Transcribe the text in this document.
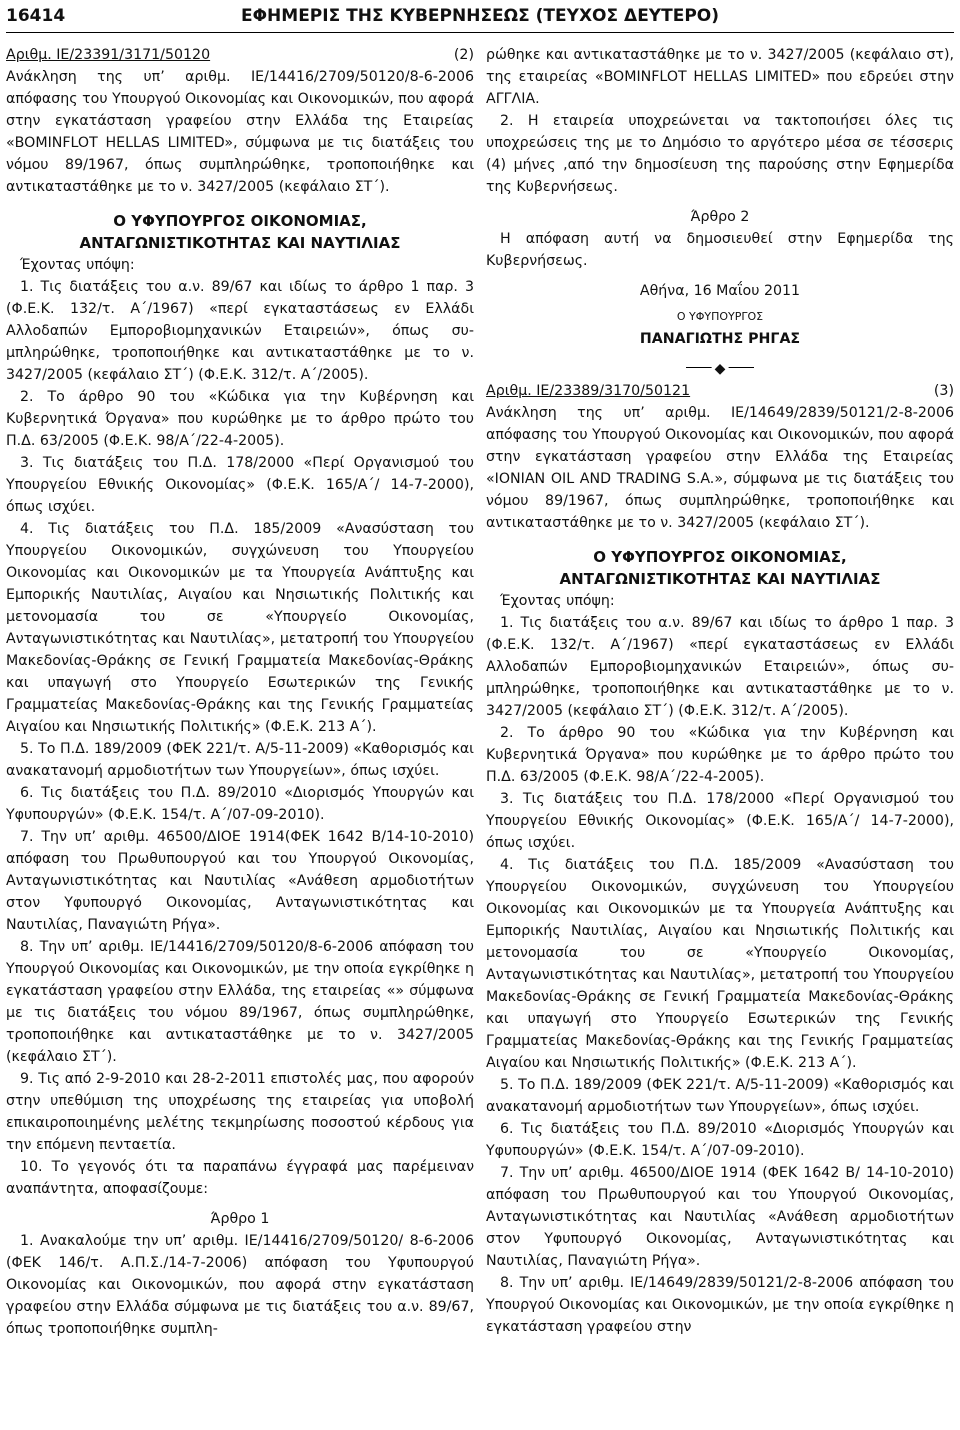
16414	ΕΦΗΜΕΡΙΣ ΤΗΣ ΚΥΒΕΡΝΗΣΕΩΣ (ΤΕΥΧΟΣ ΔΕΥΤΕΡΟ)
Αριθμ. ΙΕ/23391/3171/50120	(2)

Ανάκληση της υπ’ αριθμ. ΙΕ/14416/2709/50120/8-6-2006 απόφασης του Υπουργού Οικονομίας και Οικονομικών, που αφορά στην εγκατάσταση γραφείου στην Ελλάδα της Εταιρείας «BOMINFLOT HELLAS LIMITED», σύμφωνα με τις διατάξεις του νόμου 89/1967, όπως συμπληρώθηκε, τροποποιήθηκε και αντικαταστάθηκε με το ν. 3427/2005 (κεφάλαιο ΣΤ΄).

Ο ΥΦΥΠΟΥΡΓΟΣ ΟΙΚΟΝΟΜΙΑΣ,

ΑΝΤΑΓΩΝΙΣΤΙΚΟΤΗΤΑΣ ΚΑΙ ΝΑΥΤΙΛΙΑΣ

Έχοντας υπόψη:

1. Τις διατάξεις του α.ν. 89/67 και ιδίως το άρθρο 1 παρ. 3 (Φ.Ε.Κ. 132/τ. Α΄/1967) «περί εγκαταστάσεως εν Ελλάδι Αλλοδαπών Εμποροβιομηχανικών Εταιρειών», όπως συμπληρώθηκε, τροποποιήθηκε και αντικαταστάθηκε με το ν. 3427/2005 (κεφάλαιο ΣΤ΄) (Φ.Ε.Κ. 312/τ. Α΄/2005).

2. Το άρθρο 90 του «Κώδικα για την Κυβέρνηση και Κυβερνητικά Όργανα» που κυρώθηκε με το άρθρο πρώτο του Π.Δ. 63/2005 (Φ.Ε.Κ. 98/Α΄/22-4-2005).

3. Τις διατάξεις του Π.Δ. 178/2000 «Περί Οργανισμού του Υπουργείου Εθνικής Οικονομίας» (Φ.Ε.Κ. 165/Α΄/ 14-7-2000), όπως ισχύει.

4. Τις διατάξεις του Π.Δ. 185/2009 «Ανασύσταση του Υπουργείου Οικονομικών, συγχώνευση του Υπουργείου Οικονομίας και Οικονομικών με τα Υπουργεία Ανάπτυξης και Εμπορικής Ναυτιλίας, Αιγαίου και Νησιωτικής Πολιτικής και μετονομασία του σε «Υπουργείο Οικονομίας, Ανταγωνιστικότητας και Ναυτιλίας», μετατροπή του Υπουργείου Μακεδονίας-Θράκης σε Γενική Γραμματεία Μακεδονίας-Θράκης και υπαγωγή στο Υπουργείο Εσωτερικών της Γενικής Γραμματείας Μακεδονίας-Θράκης και της Γενικής Γραμματείας Αιγαίου και Νησιωτικής Πολιτικής» (Φ.Ε.Κ. 213 Α΄).

5. Το Π.Δ. 189/2009 (ΦΕΚ 221/τ. Α/5-11-2009) «Καθορισμός και ανακατανομή αρμοδιοτήτων των Υπουργείων», όπως ισχύει.

6. Τις διατάξεις του Π.Δ. 89/2010 «Διορισμός Υπουργών και Υφυπουργών» (Φ.Ε.Κ. 154/τ. Α΄/07-09-2010).

7. Την υπ’ αριθμ. 46500/ΔΙΟΕ 1914(ΦΕΚ 1642 Β/14-10-2010) απόφαση του Πρωθυπουργού και του Υπουργού Οικονομίας, Ανταγωνιστικότητας και Ναυτιλίας «Ανάθεση αρμοδιοτήτων στον Υφυπουργό Οικονομίας, Ανταγωνιστικότητας και Ναυτιλίας, Παναγιώτη Ρήγα».

8. Την υπ’ αριθμ. ΙΕ/14416/2709/50120/8-6-2006 απόφαση του Υπουργού Οικονομίας και Οικονομικών, με την οποία εγκρίθηκε η εγκατάσταση γραφείου στην Ελλάδα, της εταιρείας «» σύμφωνα με τις διατάξεις του νόμου 89/1967, όπως συμπληρώθηκε, τροποποιήθηκε και αντικαταστάθηκε με το ν. 3427/2005 (κεφάλαιο ΣΤ΄).

9. Τις από 2-9-2010 και 28-2-2011 επιστολές μας, που αφορούν στην υπεθύμιση της υποχρέωσης της εταιρείας για υποβολή επικαιροποιημένης μελέτης τεκμηρίωσης ποσοστού κέρδους για την επόμενη πενταετία.

10. Το γεγονός ότι τα παραπάνω έγγραφά μας παρέμειναν αναπάντητα, αποφασίζουμε:

Άρθρο 1

1. Ανακαλούμε την υπ’ αριθμ. ΙΕ/14416/2709/50120/ 8-6-2006 (ΦΕΚ 146/τ. Α.Π.Σ./14-7-2006) απόφαση του Υφυπουργού Οικονομίας και Οικονομικών, που αφορά στην εγκατάσταση γραφείου στην Ελλάδα σύμφωνα με τις διατάξεις του α.ν. 89/67, όπως τροποποιήθηκε συμπλη-

ρώθηκε και αντικαταστάθηκε με το ν. 3427/2005 (κεφάλαιο στ), της εταιρείας «BOMINFLOT HELLAS LIMITED» που εδρεύει στην ΑΓΓΛΙΑ.

2. Η εταιρεία υποχρεώνεται να τακτοποιήσει όλες τις υποχρεώσεις της με το Δημόσιο το αργότερο μέσα σε τέσσερις (4) μήνες ,από την δημοσίευση της παρούσης στην Εφημερίδα της Κυβερνήσεως.

Άρθρο 2

Η απόφαση αυτή να δημοσιευθεί στην Εφημερίδα της Κυβερνήσεως.

Αθήνα, 16 Μαΐου 2011

Ο ΥΦΥΠΟΥΡΓΟΣ

ΠΑΝΑΓΙΩΤΗΣ ΡΗΓΑΣ

◆
Αριθμ. ΙΕ/23389/3170/50121	(3)

Ανάκληση της υπ’ αριθμ. ΙΕ/14649/2839/50121/2-8-2006 απόφασης του Υπουργού Οικονομίας και Οικονομικών, που αφορά στην εγκατάσταση γραφείου στην Ελλάδα της Εταιρείας «IONIAN OIL AND TRADING S.A.», σύμφωνα με τις διατάξεις του νόμου 89/1967, όπως συμπληρώθηκε, τροποποιήθηκε και αντικαταστάθηκε με το ν. 3427/2005 (κεφάλαιο ΣΤ΄).

Ο ΥΦΥΠΟΥΡΓΟΣ ΟΙΚΟΝΟΜΙΑΣ,

ΑΝΤΑΓΩΝΙΣΤΙΚΟΤΗΤΑΣ ΚΑΙ ΝΑΥΤΙΛΙΑΣ

Έχοντας υπόψη:

1. Τις διατάξεις του α.ν. 89/67 και ιδίως το άρθρο 1 παρ. 3 (Φ.Ε.Κ. 132/τ. Α΄/1967) «περί εγκαταστάσεως εν Ελλάδι Αλλοδαπών Εμποροβιομηχανικών Εταιρειών», όπως συμπληρώθηκε, τροποποιήθηκε και αντικαταστάθηκε με το ν. 3427/2005 (κεφάλαιο ΣΤ΄) (Φ.Ε.Κ. 312/τ. Α΄/2005).

2. Το άρθρο 90 του «Κώδικα για την Κυβέρνηση και Κυβερνητικά Όργανα» που κυρώθηκε με το άρθρο πρώτο του Π.Δ. 63/2005 (Φ.Ε.Κ. 98/Α΄/22-4-2005).

3. Τις διατάξεις του Π.Δ. 178/2000 «Περί Οργανισμού του Υπουργείου Εθνικής Οικονομίας» (Φ.Ε.Κ. 165/Α΄/ 14-7-2000), όπως ισχύει.

4. Τις διατάξεις του Π.Δ. 185/2009 «Ανασύσταση του Υπουργείου Οικονομικών, συγχώνευση του Υπουργείου Οικονομίας και Οικονομικών με τα Υπουργεία Ανάπτυξης και Εμπορικής Ναυτιλίας, Αιγαίου και Νησιωτικής Πολιτικής και μετονομασία του σε «Υπουργείο Οικονομίας, Ανταγωνιστικότητας και Ναυτιλίας», μετατροπή του Υπουργείου Μακεδονίας-Θράκης σε Γενική Γραμματεία Μακεδονίας-Θράκης και υπαγωγή στο Υπουργείο Εσωτερικών της Γενικής Γραμματείας Μακεδονίας-Θράκης και της Γενικής Γραμματείας Αιγαίου και Νησιωτικής Πολιτικής» (Φ.Ε.Κ. 213 Α΄).

5. Το Π.Δ. 189/2009 (ΦΕΚ 221/τ. Α/5-11-2009) «Καθορισμός και ανακατανομή αρμοδιοτήτων των Υπουργείων», όπως ισχύει.

6. Τις διατάξεις του Π.Δ. 89/2010 «Διορισμός Υπουργών και Υφυπουργών» (Φ.Ε.Κ. 154/τ. Α΄/07-09-2010).

7. Την υπ’ αριθμ. 46500/ΔΙΟΕ 1914 (ΦΕΚ 1642 Β/ 14-10-2010) απόφαση του Πρωθυπουργού και του Υπουργού Οικονομίας, Ανταγωνιστικότητας και Ναυτιλίας «Ανάθεση αρμοδιοτήτων στον Υφυπουργό Οικονομίας, Ανταγωνιστικότητας και Ναυτιλίας, Παναγιώτη Ρήγα».

8. Την υπ’ αριθμ. ΙΕ/14649/2839/50121/2-8-2006 απόφαση του Υπουργού Οικονομίας και Οικονομικών, με την οποία εγκρίθηκε η εγκατάσταση γραφείου στην
